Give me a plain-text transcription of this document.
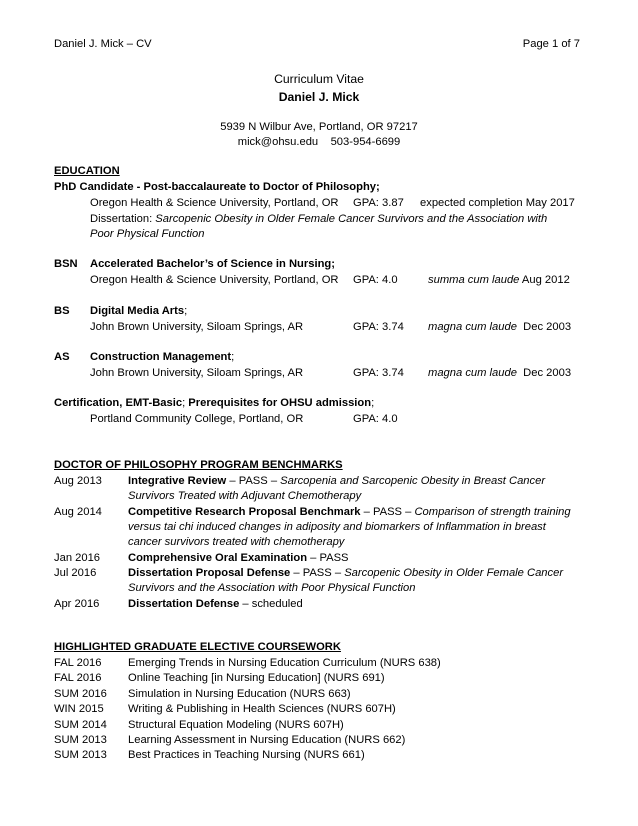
Daniel J. Mick – CV	Page 1 of 7
Curriculum Vitae
Daniel J. Mick
5939 N Wilbur Ave, Portland, OR 97217
mick@ohsu.edu 503-954-6699
EDUCATION
PhD Candidate - Post-baccalaureate to Doctor of Philosophy;
Oregon Health & Science University, Portland, OR GPA: 3.87 expected completion May 2017
Dissertation: Sarcopenic Obesity in Older Female Cancer Survivors and the Association with
Poor Physical Function
BSN Accelerated Bachelor’s of Science in Nursing;
Oregon Health & Science University, Portland, OR GPA: 4.0	summa cum laude Aug 2012
BS Digital Media Arts;
John Brown University, Siloam Springs, AR	GPA: 3.74 magna cum laude Dec 2003
AS Construction Management;
John Brown University, Siloam Springs, AR	GPA: 3.74 magna cum laude Dec 2003
Certification, EMT-Basic; Prerequisites for OHSU admission;
Portland Community College, Portland, OR	GPA: 4.0
DOCTOR OF PHILOSOPHY PROGRAM BENCHMARKS
Aug 2013 Integrative Review – PASS – Sarcopenia and Sarcopenic Obesity in Breast Cancer
Survivors Treated with Adjuvant Chemotherapy
Aug 2014 Competitive Research Proposal Benchmark – PASS – Comparison of strength training
versus tai chi induced changes in adiposity and biomarkers of Inflammation in breast
cancer survivors treated with chemotherapy
Jan 2016 Comprehensive Oral Examination – PASS
Jul 2016	Dissertation Proposal Defense – PASS – Sarcopenic Obesity in Older Female Cancer
Survivors and the Association with Poor Physical Function
Apr 2016	Dissertation Defense – scheduled
HIGHLIGHTED GRADUATE ELECTIVE COURSEWORK
FAL 2016 Emerging Trends in Nursing Education Curriculum (NURS 638)
FAL 2016 Online Teaching [in Nursing Education] (NURS 691)
SUM 2016 Simulation in Nursing Education (NURS 663)
WIN 2015 Writing & Publishing in Health Sciences (NURS 607H)
SUM 2014 Structural Equation Modeling (NURS 607H)
SUM 2013 Learning Assessment in Nursing Education (NURS 662)
SUM 2013 Best Practices in Teaching Nursing (NURS 661)
